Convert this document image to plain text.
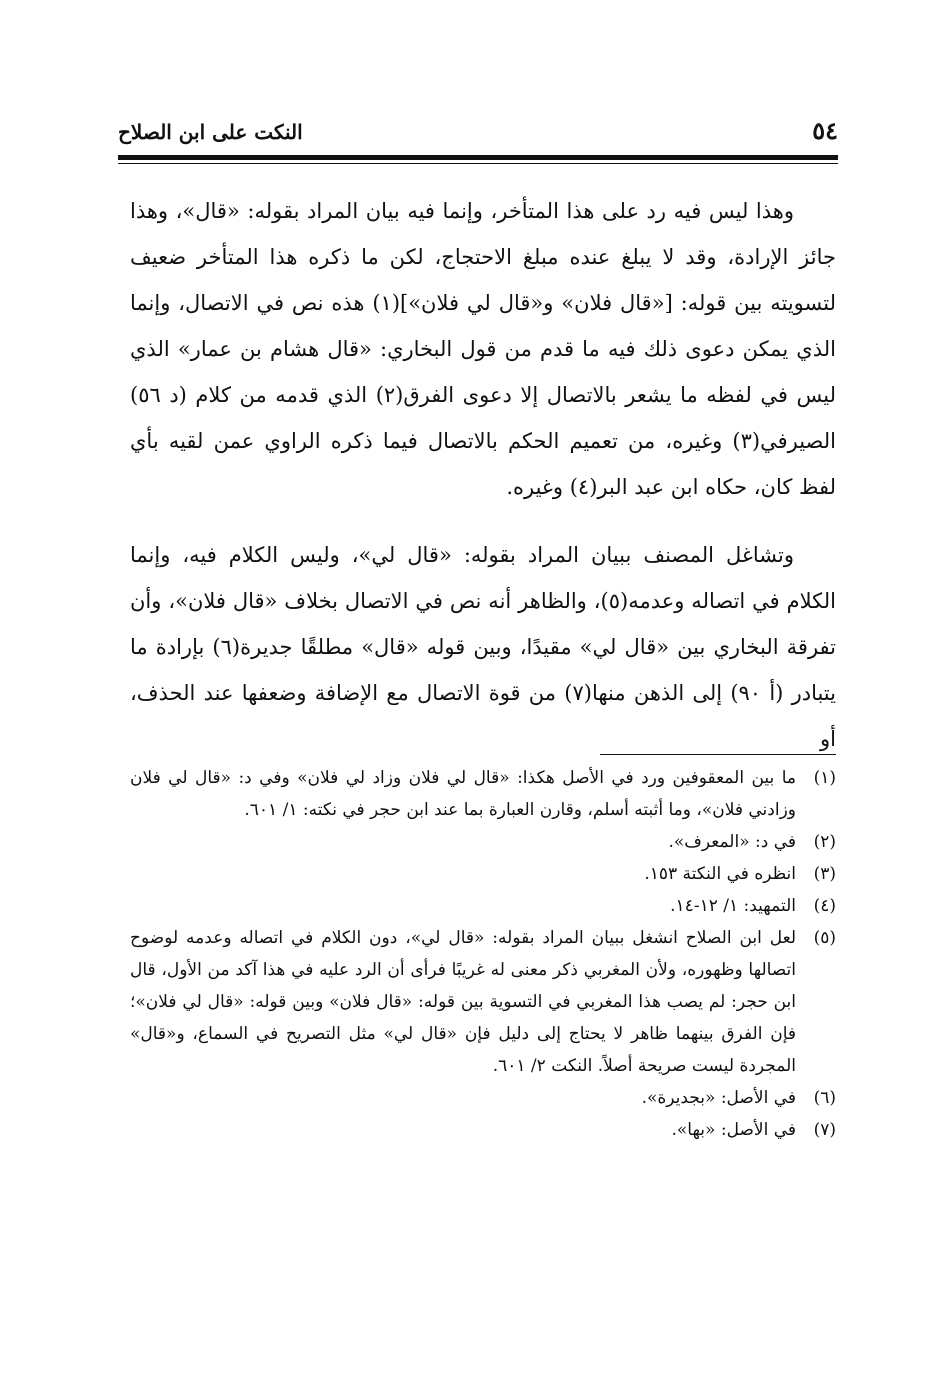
٥٤
النكت على ابن الصلاح

وهذا ليس فيه رد على هذا المتأخر، وإنما فيه بيان المراد بقوله: «قال»، وهذا جائز الإرادة، وقد لا يبلغ عنده مبلغ الاحتجاج، لكن ما ذكره هذا المتأخر ضعيف لتسويته بين قوله: [«قال فلان» و«قال لي فلان»](١) هذه نص في الاتصال، وإنما الذي يمكن دعوى ذلك فيه ما قدم من قول البخاري: «قال هشام بن عمار» الذي ليس في لفظه ما يشعر بالاتصال إلا دعوى الفرق(٢) الذي قدمه من كلام (د ٥٦) الصيرفي(٣) وغيره، من تعميم الحكم بالاتصال فيما ذكره الراوي عمن لقيه بأي لفظ كان، حكاه ابن عبد البر(٤) وغيره.

وتشاغل المصنف ببيان المراد بقوله: «قال لي»، وليس الكلام فيه، وإنما الكلام في اتصاله وعدمه(٥)، والظاهر أنه نص في الاتصال بخلاف «قال فلان»، وأن تفرقة البخاري بين «قال لي» مقيدًا، وبين قوله «قال» مطلقًا جديرة(٦) بإرادة ما يتبادر (أ ٩٠) إلى الذهن منها(٧) من قوة الاتصال مع الإضافة وضعفها عند الحذف، أو

(١)
ما بين المعقوفين ورد في الأصل هكذا: «قال لي فلان وزاد لي فلان» وفي د: «قال لي فلان وزادني فلان»، وما أثبته أسلم، وقارن العبارة بما عند ابن حجر في نكته: ١/ ٦٠١.
(٢)
في د: «المعرف».
(٣)
انظره في النكتة ١٥٣.
(٤)
التمهيد: ١/ ١٢-١٤.
(٥)
لعل ابن الصلاح انشغل ببيان المراد بقوله: «قال لي»، دون الكلام في اتصاله وعدمه لوضوح اتصالها وظهوره، ولأن المغربي ذكر معنى له غريبًا فرأى أن الرد عليه في هذا آكد من الأول، قال ابن حجر: لم يصب هذا المغربي في التسوية بين قوله: «قال فلان» وبين قوله: «قال لي فلان»؛ فإن الفرق بينهما ظاهر لا يحتاج إلى دليل فإن «قال لي» مثل التصريح في السماع، و«قال» المجردة ليست صريحة أصلاً. النكت ٢/ ٦٠١.
(٦)
في الأصل: «بجديرة».
(٧)
في الأصل: «بها».
